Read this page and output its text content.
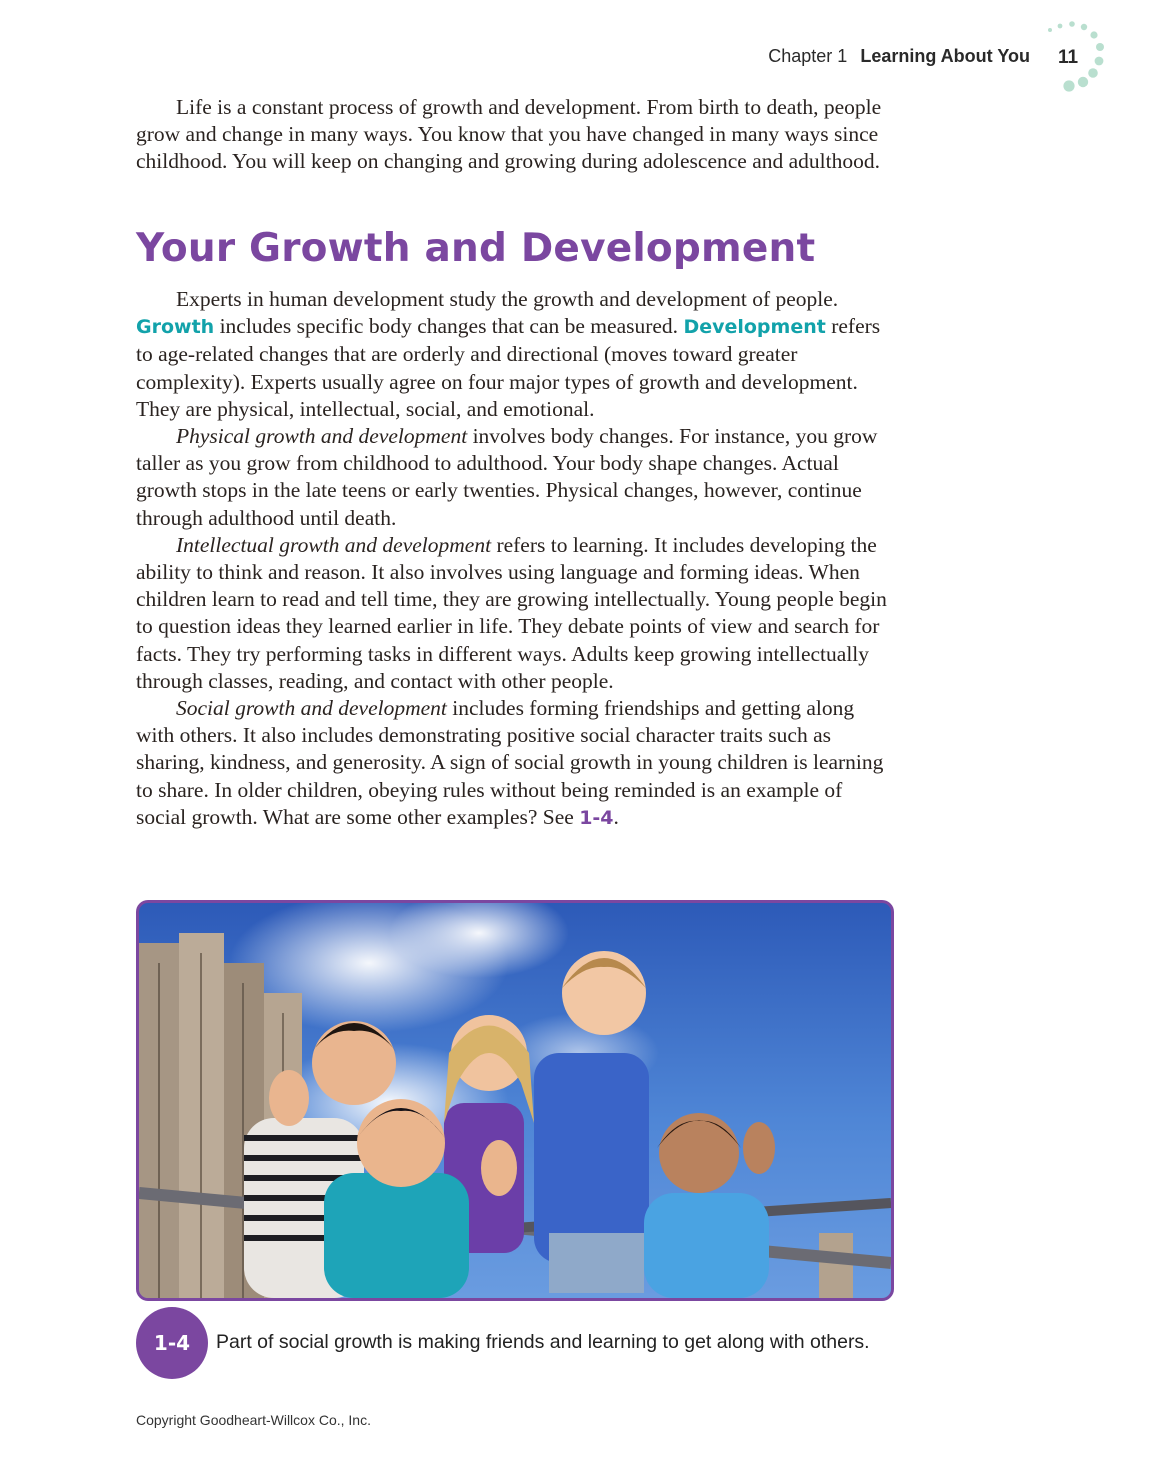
Chapter 1 Learning About You 11

Life is a constant process of growth and development. From birth to death, people grow and change in many ways. You know that you have changed in many ways since childhood. You will keep on changing and growing during adolescence and adulthood.

Your Growth and Development

Experts in human development study the growth and development of people. Growth includes specific body changes that can be measured. Development refers to age-related changes that are orderly and directional (moves toward greater complexity). Experts usually agree on four major types of growth and development. They are physical, intellectual, social, and emotional.

Physical growth and development involves body changes. For instance, you grow taller as you grow from childhood to adulthood. Your body shape changes. Actual growth stops in the late teens or early twenties. Physical changes, however, continue through adulthood until death.

Intellectual growth and development refers to learning. It includes developing the ability to think and reason. It also involves using language and forming ideas. When children learn to read and tell time, they are growing intellectually. Young people begin to question ideas they learned earlier in life. They debate points of view and search for facts. They try performing tasks in different ways. Adults keep growing intellectually through classes, reading, and contact with other people.

Social growth and development includes forming friendships and getting along with others. It also includes demonstrating positive social character traits such as sharing, kindness, and generosity. A sign of social growth in young children is learning to share. In older children, obeying rules without being reminded is an example of social growth. What are some other examples? See 1-4.

1-4	Part of social growth is making friends and learning to get along with others.
Copyright Goodheart-Willcox Co., Inc.
